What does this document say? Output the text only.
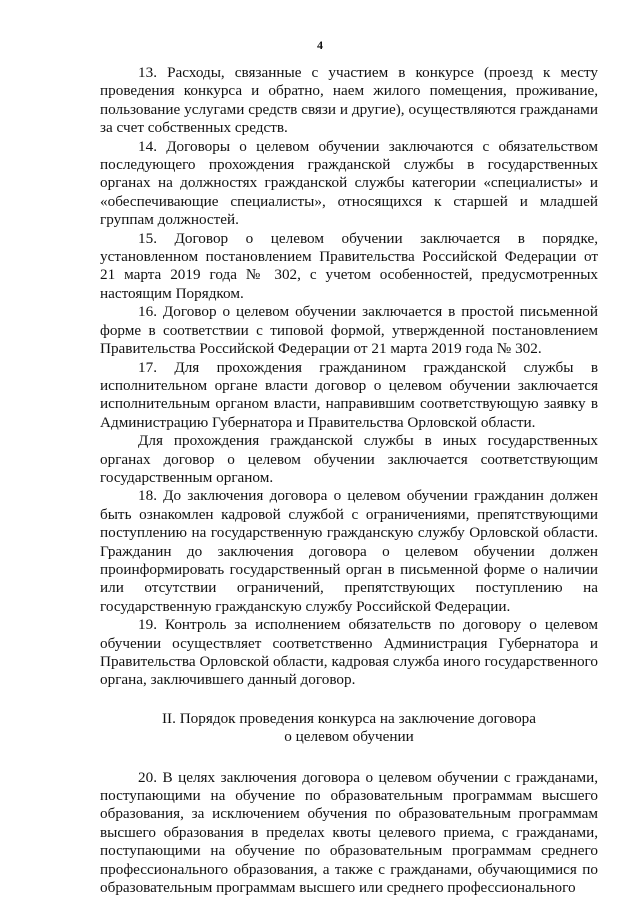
4

13. Расходы, связанные с участием в конкурсе (проезд к месту проведения конкурса и обратно, наем жилого помещения, проживание, пользование услугами средств связи и другие), осуществляются гражданами за счет собственных средств.

14. Договоры о целевом обучении заключаются с обязательством последующего прохождения гражданской службы в государственных органах на должностях гражданской службы категории «специалисты» и «обеспечивающие специалисты», относящихся к старшей и младшей группам должностей.

15. Договор о целевом обучении заключается в порядке, установленном постановлением Правительства Российской Федерации от 21 марта 2019 года № 302, с учетом особенностей, предусмотренных настоящим Порядком.

16. Договор о целевом обучении заключается в простой письменной форме в соответствии с типовой формой, утвержденной постановлением Правительства Российской Федерации от 21 марта 2019 года № 302.

17. Для прохождения гражданином гражданской службы в исполнительном органе власти договор о целевом обучении заключается исполнительным органом власти, направившим соответствующую заявку в Администрацию Губернатора и Правительства Орловской области.

Для прохождения гражданской службы в иных государственных органах договор о целевом обучении заключается соответствующим государственным органом.

18. До заключения договора о целевом обучении гражданин должен быть ознакомлен кадровой службой с ограничениями, препятствующими поступлению на государственную гражданскую службу Орловской области. Гражданин до заключения договора о целевом обучении должен проинформировать государственный орган в письменной форме о наличии или отсутствии ограничений, препятствующих поступлению на государственную гражданскую службу Российской Федерации.

19. Контроль за исполнением обязательств по договору о целевом обучении осуществляет соответственно Администрация Губернатора и Правительства Орловской области, кадровая служба иного государственного органа, заключившего данный договор.

II. Порядок проведения конкурса на заключение договора
о целевом обучении

20. В целях заключения договора о целевом обучении с гражданами, поступающими на обучение по образовательным программам высшего образования, за исключением обучения по образовательным программам высшего образования в пределах квоты целевого приема, с гражданами, поступающими на обучение по образовательным программам среднего профессионального образования, а также с гражданами, обучающимися по образовательным программам высшего или среднего профессионального
